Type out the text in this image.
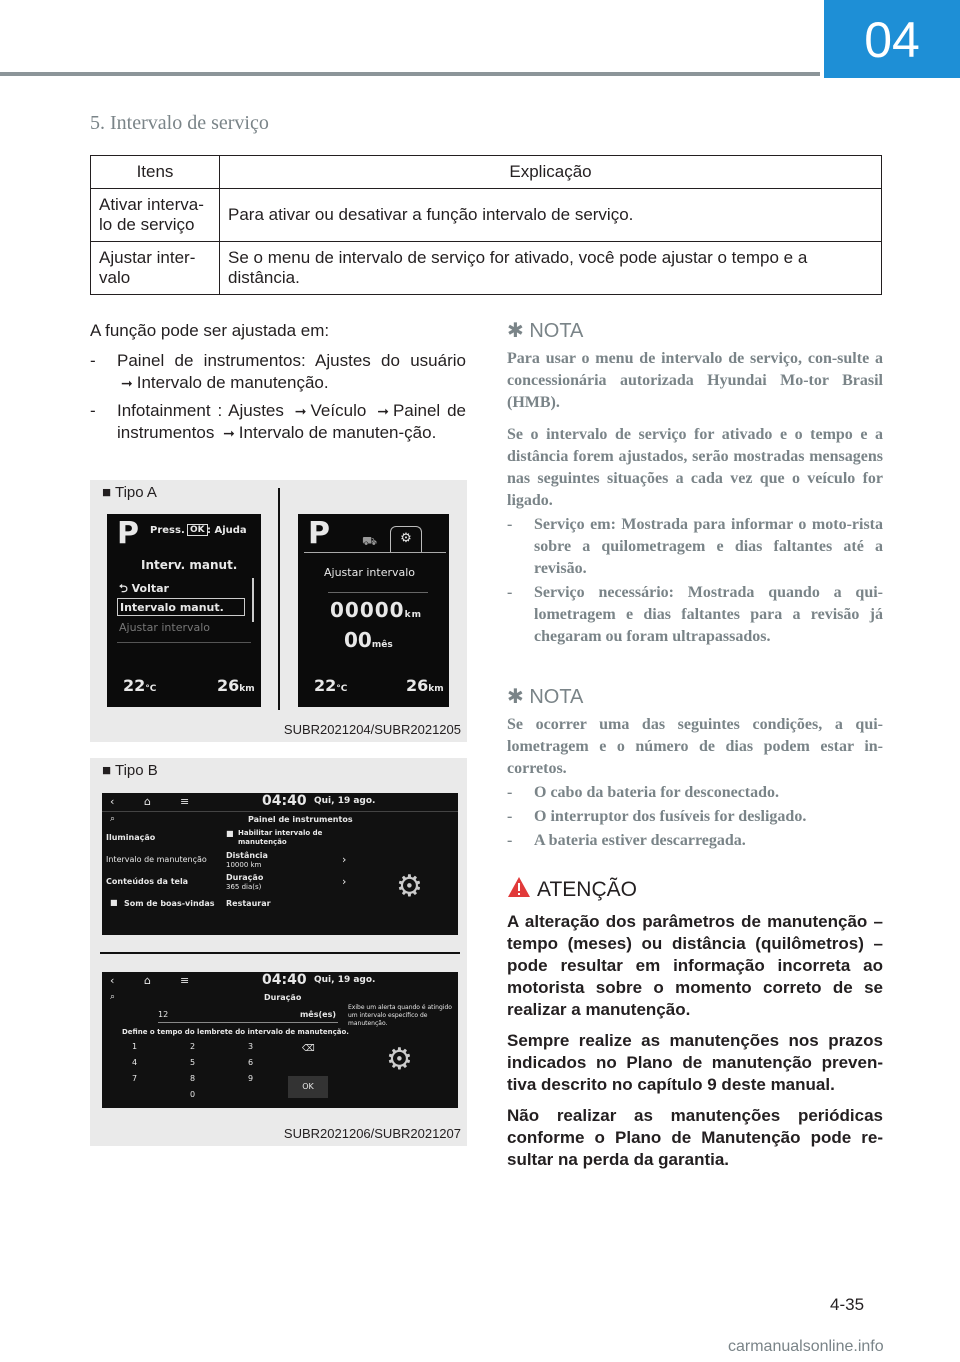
04
5. Intervalo de serviço
Itens	Explicação
Ativar interva-lo de serviço	Para ativar ou desativar a função intervalo de serviço.
Ajustar inter-valo	Se o menu de intervalo de serviço for ativado, você pode ajustar o tempo e a distância.

A função pode ser ajustada em:

- Painel de instrumentos: Ajustes do usuário ➞ Intervalo de manutenção.
- Infotainment : Ajustes ➞ Veículo ➞ Painel de instrumentos ➞ Intervalo de manuten-ção.
■ Tipo A
P Press. OK : Ajuda
Interv. manut.
⮌ Voltar
Intervalo manut.
Ajustar intervalo
22°C	26km
P	⛟	⚙
Ajustar intervalo
00000km
00mês
22°C	26km
SUBR2021204/SUBR2021205
■ Tipo B
‹	⌂	≡	04:40 Qui, 19 ago.
⌕	Painel de instrumentos
Iluminação
Intervalo de manutenção
Conteúdos da tela
■ Som de boas-vindas
■ Habilitar intervalo de manutenção
Distância
10000 km	›
Duração
365 dia(s)	›
Restaurar	⚙
‹	⌂	≡	04:40 Qui, 19 ago.
⌕	Duração
12	mês(es)
Exibe um alerta quando é atingido um intervalo específico de manutenção.
Define o tempo do lembrete do intervalo de manutenção.
1	2	3
4	5	6
7	8	9
0
⌫
OK
⚙
SUBR2021206/SUBR2021207
✱ NOTA

Para usar o menu de intervalo de serviço, con-sulte a concessionária autorizada Hyundai Mo-tor Brasil (HMB).

Se o intervalo de serviço for ativado e o tempo e a distância forem ajustados, serão mostradas mensagens nas seguintes situações a cada vez que o veículo for ligado.

- Serviço em: Mostrada para informar o moto-rista sobre a quilometragem e dias faltantes até a revisão.
- Serviço necessário: Mostrada quando a qui-lometragem e dias faltantes para a revisão já chegaram ou foram ultrapassados.
✱ NOTA

Se ocorrer uma das seguintes condições, a qui-lometragem e o número de dias podem estar in-corretos.

- O cabo da bateria for desconectado.
- O interruptor dos fusíveis for desligado.
- A bateria estiver descarregada.
ATENÇÃO

A alteração dos parâmetros de manutenção – tempo (meses) ou distância (quilômetros) – pode resultar em informação incorreta ao motorista sobre o momento correto de se realizar a manutenção.

Sempre realize as manutenções nos prazos indicados no Plano de manutenção preven-tiva descrito no capítulo 9 deste manual.

Não realizar as manutenções periódicas conforme o Plano de Manutenção pode re-sultar na perda da garantia.

4-35
carmanualsonline.info
